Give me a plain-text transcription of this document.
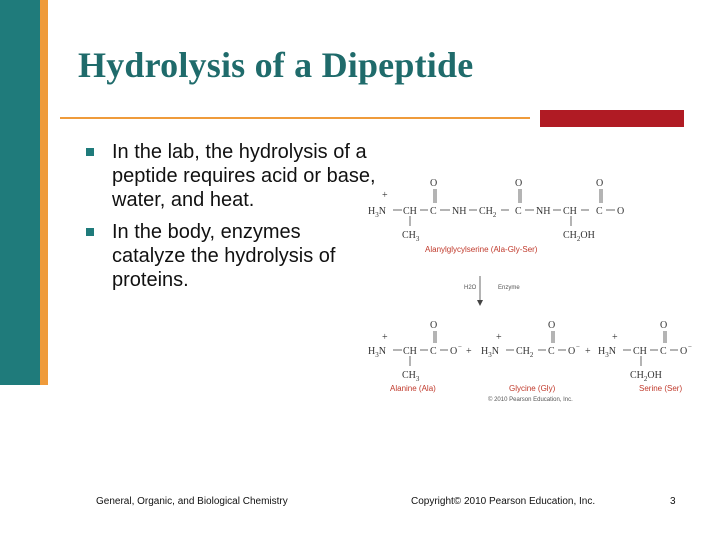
Hydrolysis of a Dipeptide
In the lab, the hydrolysis of a peptide requires acid or base, water, and heat.
In the body, enzymes catalyze the hydrolysis of proteins.
+
$H_3N$ CH
$CH_3$
O
C NH $CH_2$
O
C NH CH
$CH_2OH$
O
C O
Alanylglycylserine (Ala-Gly-Ser)
H2O	Enzyme
+
$H_3N$ CH
$CH_3$
O
C O − +
+
$H_3N$ $CH_2$
O
C O − +
+
$H_3N$ CH
$CH_2OH$
O
C O −
Alanine (Ala)	Glycine (Gly)	Serine (Ser)
© 2010 Pearson Education, Inc.
General, Organic, and Biological Chemistry	Copyright© 2010 Pearson Education, Inc.	3
